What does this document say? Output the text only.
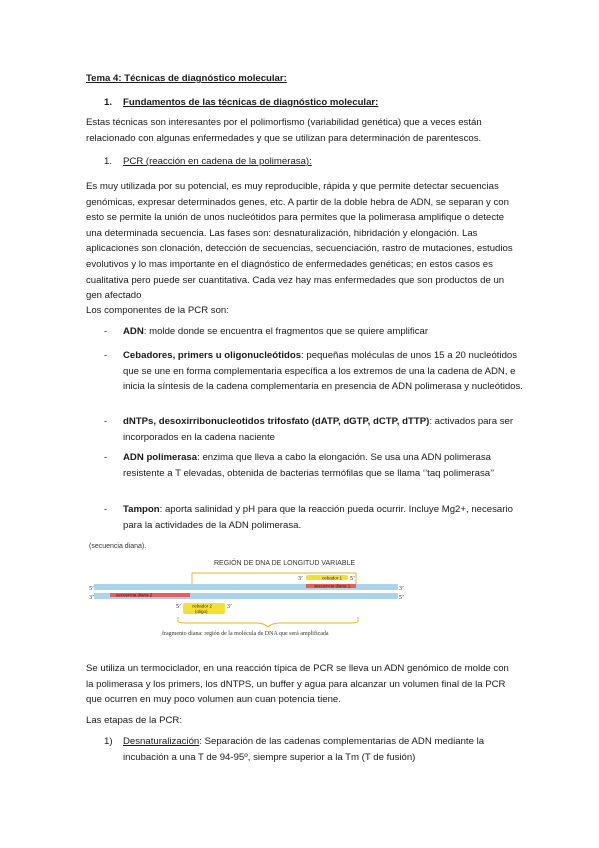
Tema 4: Técnicas de diagnóstico molecular:

1. Fundamentos de las técnicas de diagnóstico molecular:

Estas técnicas son interesantes por el polimorfismo (variabilidad genética) que a veces están relacionado con algunas enfermedades y que se utilizan para determinación de parentescos.

1. PCR (reacción en cadena de la polimerasa):

Es muy utilizada por su potencial, es muy reproducible, rápida y que permite detectar secuencias genómicas, expresar determinados genes, etc. A partir de la doble hebra de ADN, se separan y con esto se permite la unión de unos nucleótidos para permites que la polimerasa amplifique o detecte una determinada secuencia. Las fases son: desnaturalización, hibridación y elongación. Las aplicaciones son clonación, detección de secuencias, secuenciación, rastro de mutaciones, estudios evolutivos y lo mas importante en el diagnóstico de enfermedades genéticas; en estos casos es cualitativa pero puede ser cuantitativa. Cada vez hay mas enfermedades que son productos de un gen afectado

Los componentes de la PCR son:

- ADN: molde donde se encuentra el fragmentos que se quiere amplificar

- Cebadores, primers u oligonucleótidos: pequeñas moléculas de unos 15 a 20 nucleótidos que se une en forma complementaria específica a los extremos de una la cadena de ADN, e inicia la síntesis de la cadena complementaria en presencia de ADN polimerasa y nucleótidos.

- dNTPs, desoxirribonucleotidos trifosfato (dATP, dGTP, dCTP, dTTP): activados para ser incorporados en la cadena naciente

- ADN polimerasa: enzima que lleva a cabo la elongación. Se usa una ADN polimerasa resistente a T elevadas, obtenida de bacterias termófilas que se llama ‘’taq polimerasa’’

- Tampon: aporta salinidad y pH para que la reacción pueda ocurrir. Incluye Mg2+, necesario para la actividades de la ADN polimerasa.

(secuencia diana).
REGIÓN DE DNA DE LONGITUD VARIABLE
3’	cebador 1 5’
5’	secuencia diana 1	3’
3’	secuencia diana 2	5’
5’ cebador 2
(oligo)
3’
fragmento diana: región de la molécula de DNA que será amplificada

Se utiliza un termociclador, en una reacción típica de PCR se lleva un ADN genómico de molde con la polimerasa y los primers, los dNTPS, un buffer y agua para alcanzar un volumen final de la PCR que ocurren en muy poco volumen aun cuan potencia tiene.

Las etapas de la PCR:

1) Desnaturalización: Separación de las cadenas complementarias de ADN mediante la incubación a una T de 94-95º, siempre superior a la Tm (T de fusión)
